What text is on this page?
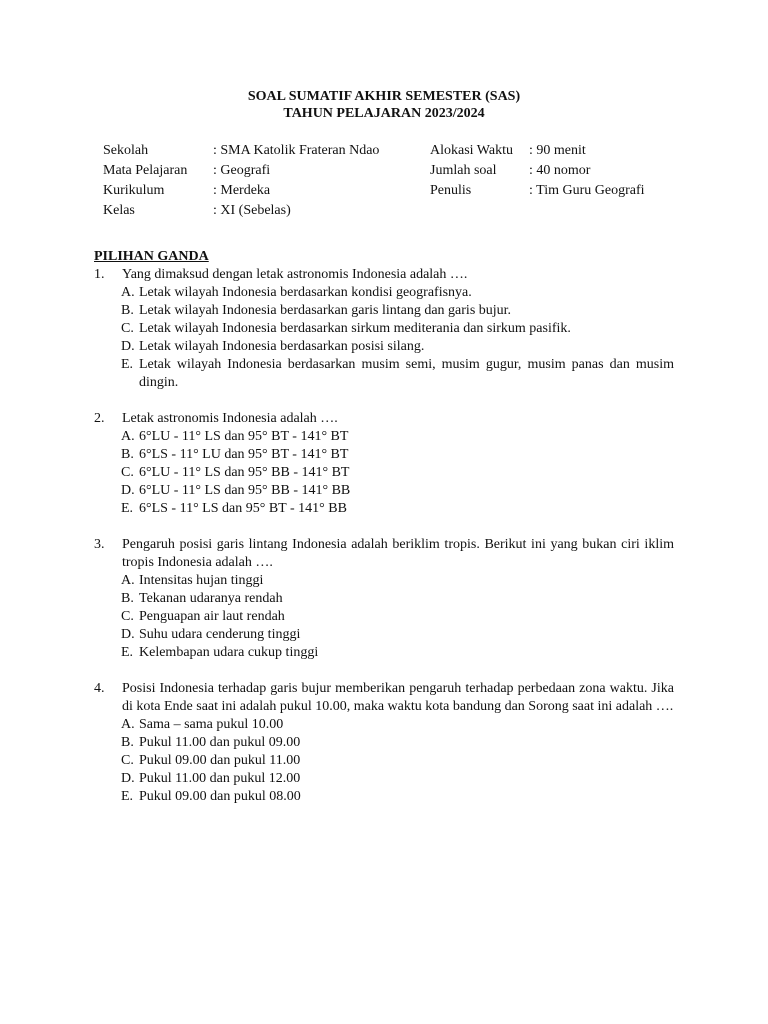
SOAL SUMATIF AKHIR SEMESTER (SAS)
TAHUN PELAJARAN 2023/2024
Sekolah	: SMA Katolik Frateran Ndao	Alokasi Waktu : 90 menit
Mata Pelajaran : Geografi	Jumlah soal : 40 nomor
Kurikulum	: Merdeka	Penulis	: Tim Guru Geografi
Kelas	: XI (Sebelas)
PILIHAN GANDA
1. Yang dimaksud dengan letak astronomis Indonesia adalah ….
A. Letak wilayah Indonesia berdasarkan kondisi geografisnya.
B. Letak wilayah Indonesia berdasarkan garis lintang dan garis bujur.
C. Letak wilayah Indonesia berdasarkan sirkum mediterania dan sirkum pasifik.
D. Letak wilayah Indonesia berdasarkan posisi silang.
E. Letak wilayah Indonesia berdasarkan musim semi, musim gugur, musim panas dan musim dingin.
2. Letak astronomis Indonesia adalah ….
A. 6°LU - 11° LS dan 95° BT - 141° BT
B. 6°LS - 11° LU dan 95° BT - 141° BT
C. 6°LU - 11° LS dan 95° BB - 141° BT
D. 6°LU - 11° LS dan 95° BB - 141° BB
E. 6°LS - 11° LS dan 95° BT - 141° BB
3. Pengaruh posisi garis lintang Indonesia adalah beriklim tropis. Berikut ini yang bukan ciri iklim tropis Indonesia adalah ….
A. Intensitas hujan tinggi
B. Tekanan udaranya rendah
C. Penguapan air laut rendah
D. Suhu udara cenderung tinggi
E. Kelembapan udara cukup tinggi
4. Posisi Indonesia terhadap garis bujur memberikan pengaruh terhadap perbedaan zona waktu. Jika di kota Ende saat ini adalah pukul 10.00, maka waktu kota bandung dan Sorong saat ini adalah ….
A. Sama – sama pukul 10.00
B. Pukul 11.00 dan pukul 09.00
C. Pukul 09.00 dan pukul 11.00
D. Pukul 11.00 dan pukul 12.00
E. Pukul 09.00 dan pukul 08.00
